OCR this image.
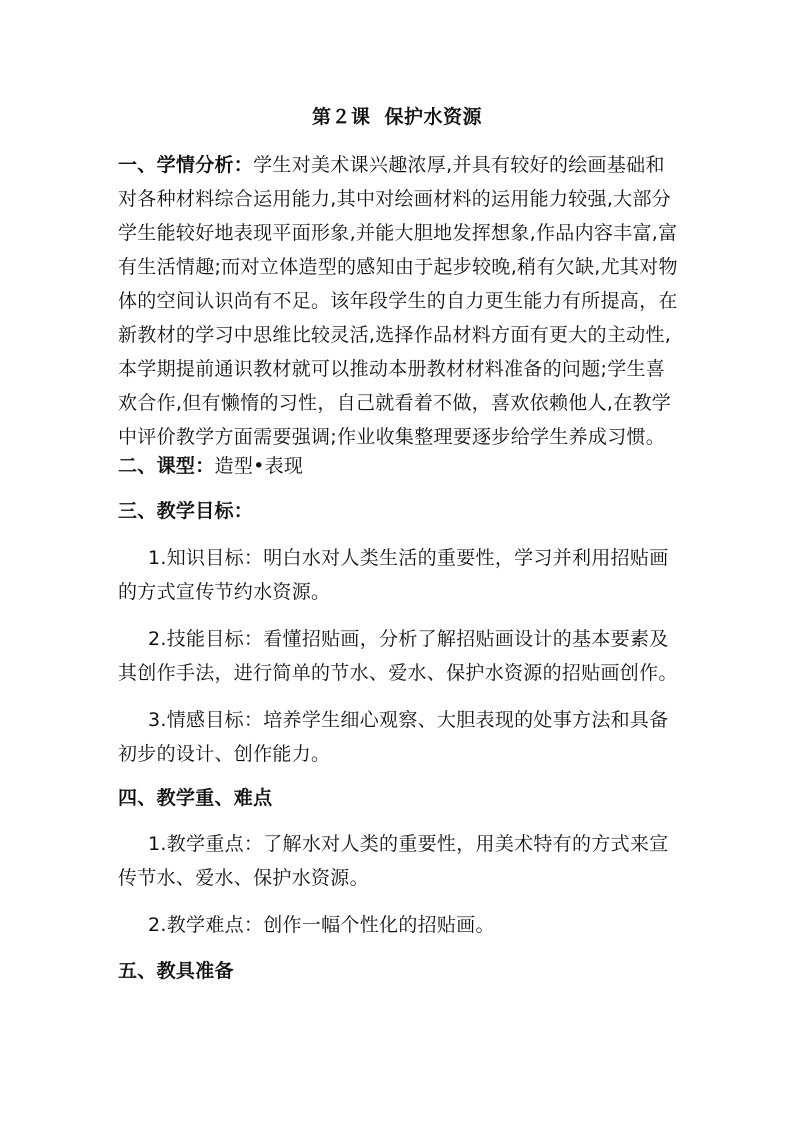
第２课 保护水资源
一、学情分析：学生对美术课兴趣浓厚,并具有较好的绘画基础和对各种材料综合运用能力,其中对绘画材料的运用能力较强,大部分学生能较好地表现平面形象,并能大胆地发挥想象,作品内容丰富,富有生活情趣;而对立体造型的感知由于起步较晚,稍有欠缺,尤其对物体的空间认识尚有不足。该年段学生的自力更生能力有所提高，在新教材的学习中思维比较灵活,选择作品材料方面有更大的主动性,本学期提前通识教材就可以推动本册教材材料准备的问题;学生喜欢合作,但有懒惰的习性，自己就看着不做，喜欢依赖他人,在教学中评价教学方面需要强调;作业收集整理要逐步给学生养成习惯。
二、课型：造型•表现
三、教学目标：
1.知识目标：明白水对人类生活的重要性，学习并利用招贴画的方式宣传节约水资源。
2.技能目标：看懂招贴画，分析了解招贴画设计的基本要素及其创作手法，进行简单的节水、爱水、保护水资源的招贴画创作。
3.情感目标：培养学生细心观察、大胆表现的处事方法和具备初步的设计、创作能力。
四、教学重、难点
1.教学重点：了解水对人类的重要性，用美术特有的方式来宣传节水、爱水、保护水资源。
2.教学难点：创作一幅个性化的招贴画。
五、教具准备
